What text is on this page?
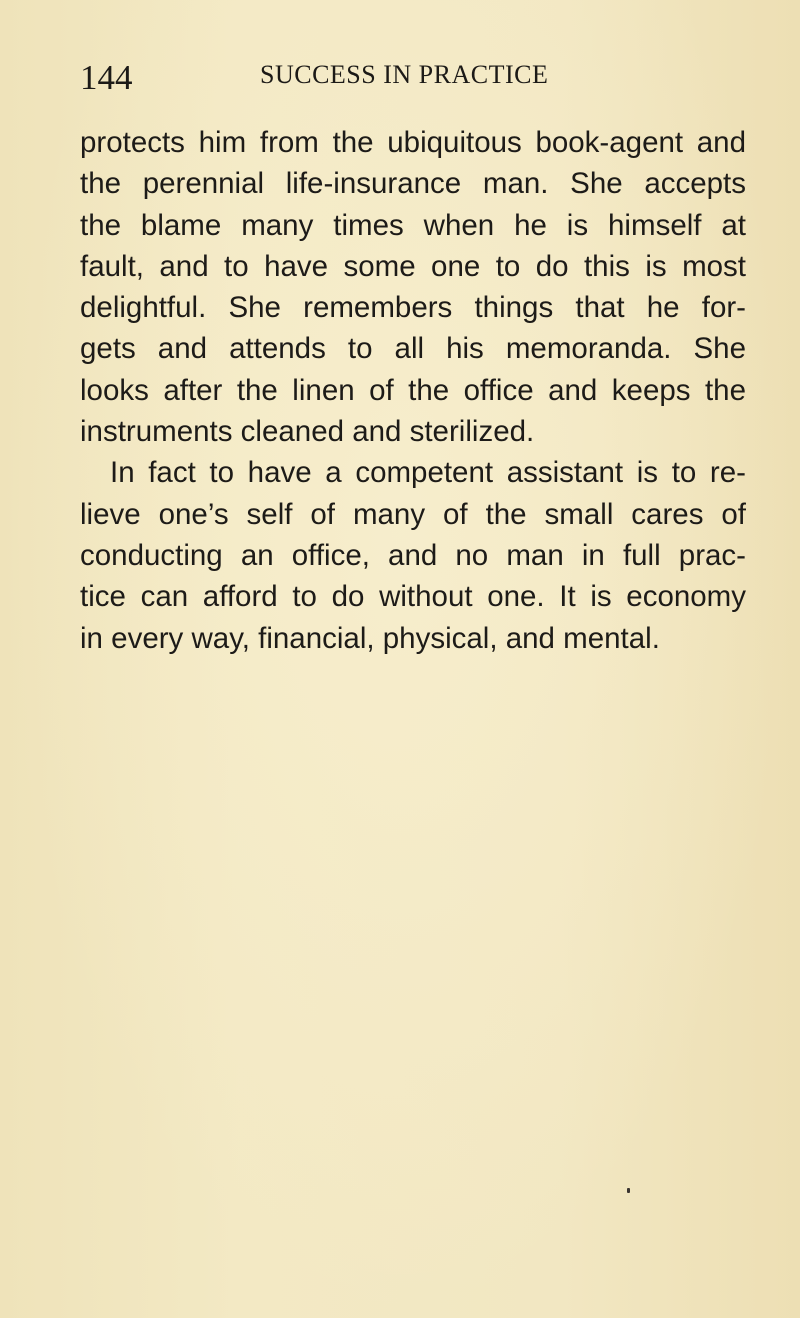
144	SUCCESS IN PRACTICE
protects him from the ubiquitous book-agent and
the perennial life-insurance man. She accepts
the blame many times when he is himself at
fault, and to have some one to do this is most
delightful. She remembers things that he for-
gets and attends to all his memoranda. She
looks after the linen of the office and keeps the
instruments cleaned and sterilized.
In fact to have a competent assistant is to re-
lieve one’s self of many of the small cares of
conducting an office, and no man in full prac-
tice can afford to do without one. It is economy
in every way, financial, physical, and mental.
